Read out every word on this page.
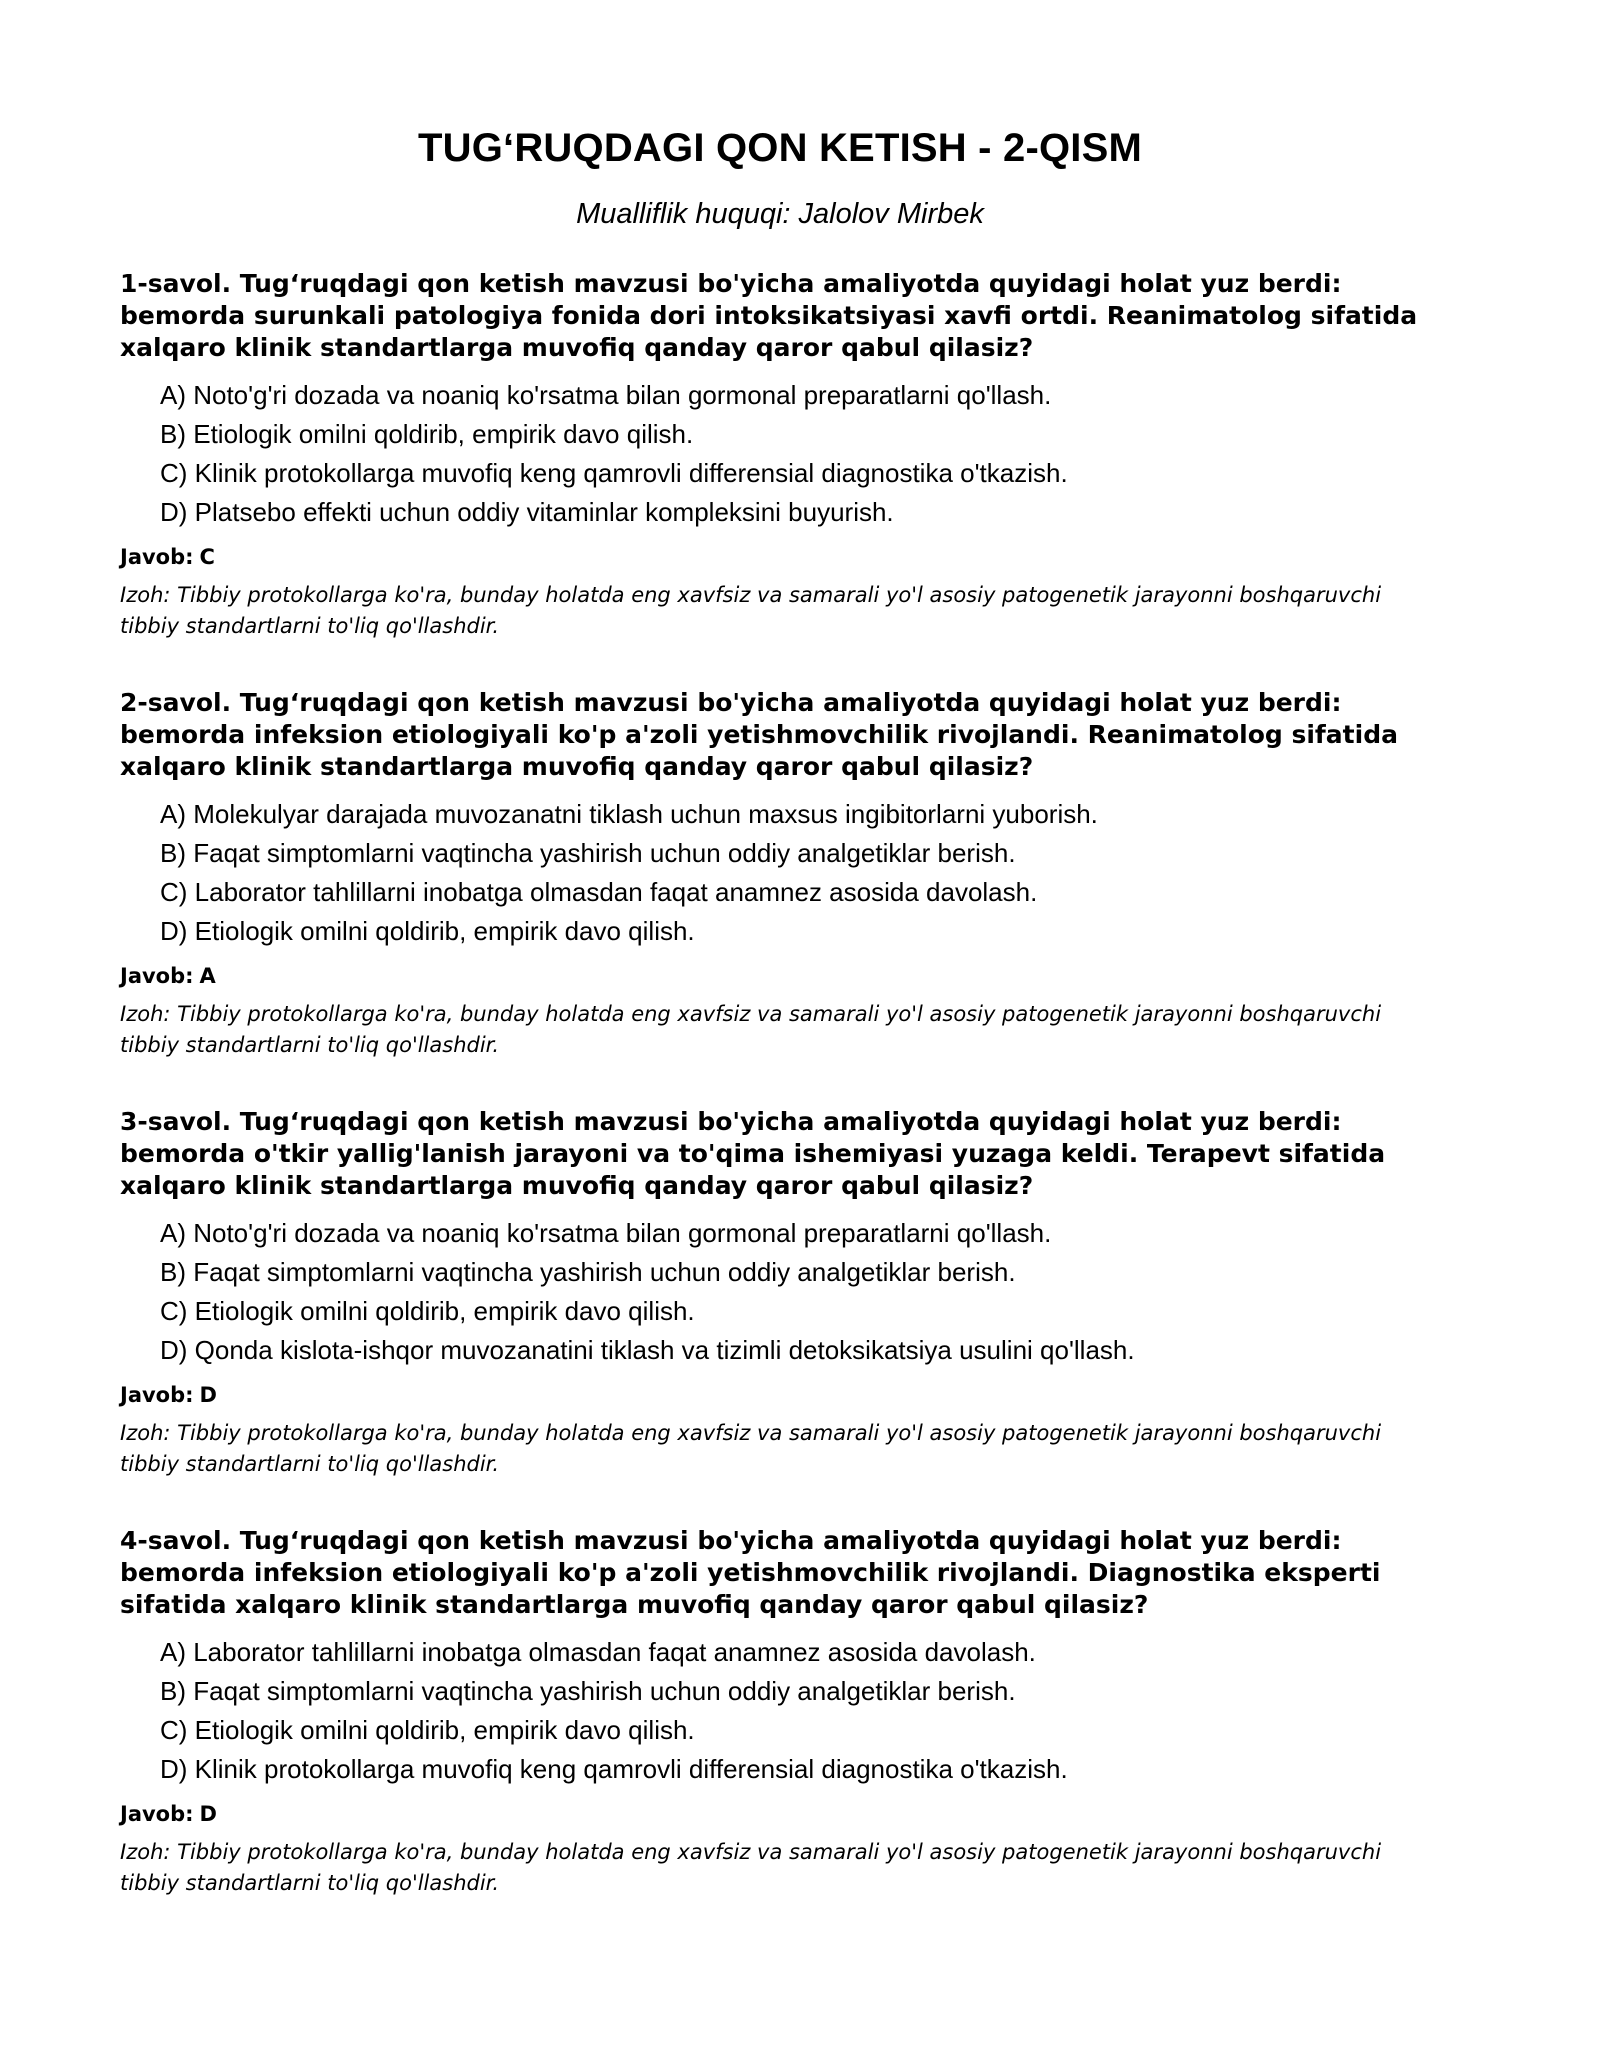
TUG‘RUQDAGI QON KETISH - 2-QISM

Mualliflik huquqi: Jalolov Mirbek

1-savol. Tug‘ruqdagi qon ketish mavzusi bo'yicha amaliyotda quyidagi holat yuz berdi: bemorda surunkali patologiya fonida dori intoksikatsiyasi xavfi ortdi. Reanimatolog sifatida xalqaro klinik standartlarga muvofiq qanday qaror qabul qilasiz?

A) Noto'g'ri dozada va noaniq ko'rsatma bilan gormonal preparatlarni qo'llash.
B) Etiologik omilni qoldirib, empirik davo qilish.
C) Klinik protokollarga muvofiq keng qamrovli differensial diagnostika o'tkazish.
D) Platsebo effekti uchun oddiy vitaminlar kompleksini buyurish.

Javob: C

Izoh: Tibbiy protokollarga ko'ra, bunday holatda eng xavfsiz va samarali yo'l asosiy patogenetik jarayonni boshqaruvchi tibbiy standartlarni to'liq qo'llashdir.

2-savol. Tug‘ruqdagi qon ketish mavzusi bo'yicha amaliyotda quyidagi holat yuz berdi: bemorda infeksion etiologiyali ko'p a'zoli yetishmovchilik rivojlandi. Reanimatolog sifatida xalqaro klinik standartlarga muvofiq qanday qaror qabul qilasiz?

A) Molekulyar darajada muvozanatni tiklash uchun maxsus ingibitorlarni yuborish.
B) Faqat simptomlarni vaqtincha yashirish uchun oddiy analgetiklar berish.
C) Laborator tahlillarni inobatga olmasdan faqat anamnez asosida davolash.
D) Etiologik omilni qoldirib, empirik davo qilish.

Javob: A

Izoh: Tibbiy protokollarga ko'ra, bunday holatda eng xavfsiz va samarali yo'l asosiy patogenetik jarayonni boshqaruvchi tibbiy standartlarni to'liq qo'llashdir.

3-savol. Tug‘ruqdagi qon ketish mavzusi bo'yicha amaliyotda quyidagi holat yuz berdi: bemorda o'tkir yallig'lanish jarayoni va to'qima ishemiyasi yuzaga keldi. Terapevt sifatida xalqaro klinik standartlarga muvofiq qanday qaror qabul qilasiz?

A) Noto'g'ri dozada va noaniq ko'rsatma bilan gormonal preparatlarni qo'llash.
B) Faqat simptomlarni vaqtincha yashirish uchun oddiy analgetiklar berish.
C) Etiologik omilni qoldirib, empirik davo qilish.
D) Qonda kislota-ishqor muvozanatini tiklash va tizimli detoksikatsiya usulini qo'llash.

Javob: D

Izoh: Tibbiy protokollarga ko'ra, bunday holatda eng xavfsiz va samarali yo'l asosiy patogenetik jarayonni boshqaruvchi tibbiy standartlarni to'liq qo'llashdir.

4-savol. Tug‘ruqdagi qon ketish mavzusi bo'yicha amaliyotda quyidagi holat yuz berdi: bemorda infeksion etiologiyali ko'p a'zoli yetishmovchilik rivojlandi. Diagnostika eksperti sifatida xalqaro klinik standartlarga muvofiq qanday qaror qabul qilasiz?

A) Laborator tahlillarni inobatga olmasdan faqat anamnez asosida davolash.
B) Faqat simptomlarni vaqtincha yashirish uchun oddiy analgetiklar berish.
C) Etiologik omilni qoldirib, empirik davo qilish.
D) Klinik protokollarga muvofiq keng qamrovli differensial diagnostika o'tkazish.

Javob: D

Izoh: Tibbiy protokollarga ko'ra, bunday holatda eng xavfsiz va samarali yo'l asosiy patogenetik jarayonni boshqaruvchi tibbiy standartlarni to'liq qo'llashdir.
